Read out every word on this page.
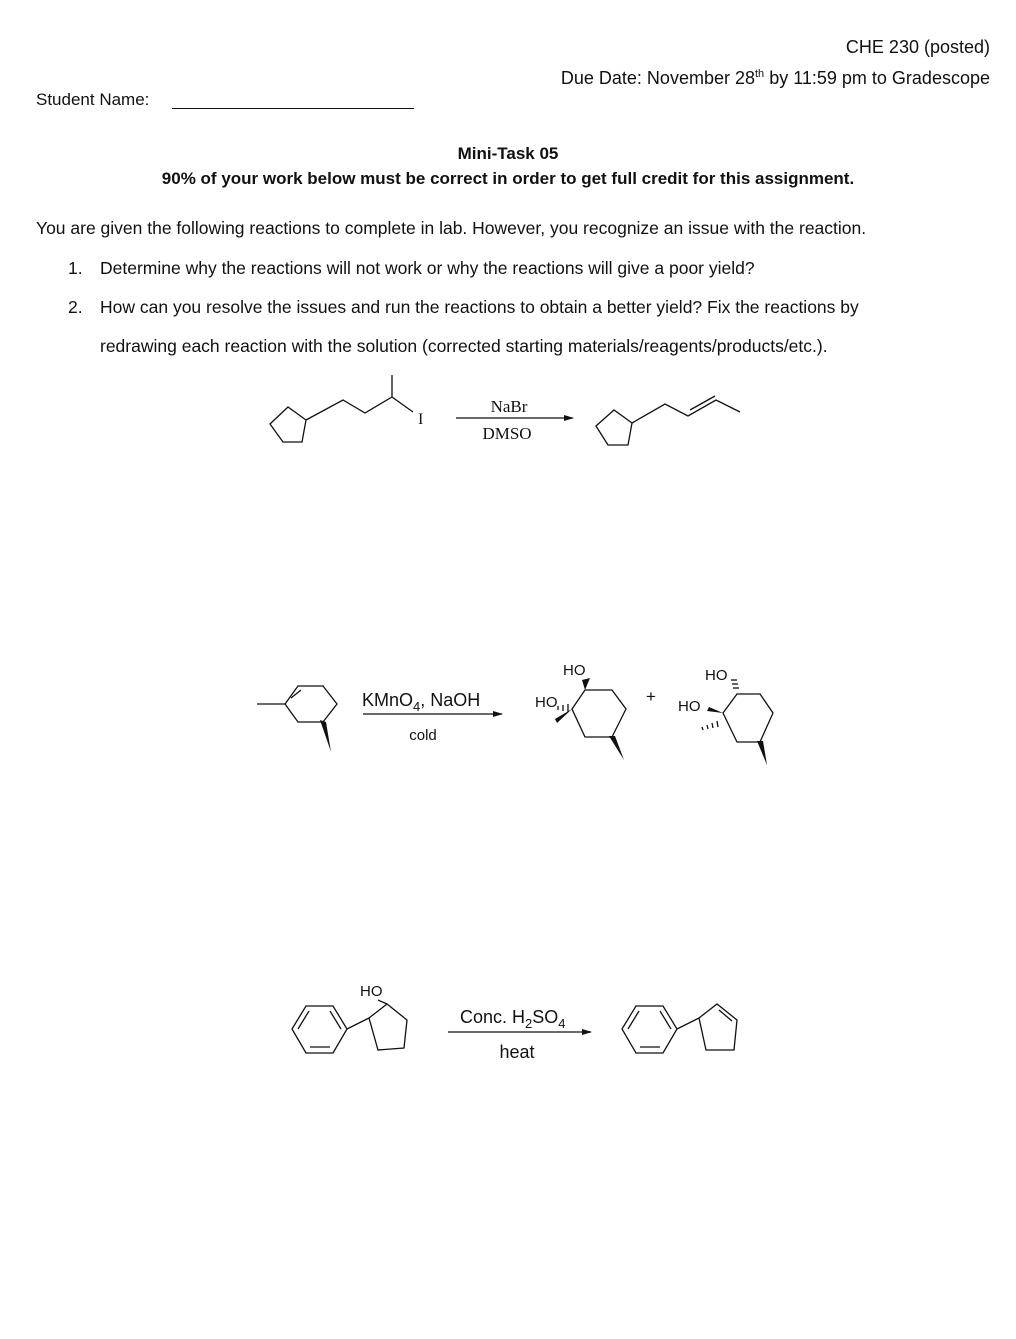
CHE 230 (posted)
Due Date: November 28th by 11:59 pm to Gradescope
Student Name:
Mini-Task 05
90% of your work below must be correct in order to get full credit for this assignment.
You are given the following reactions to complete in lab. However, you recognize an issue with the reaction.
1. Determine why the reactions will not work or why the reactions will give a poor yield?
2. How can you resolve the issues and run the reactions to obtain a better yield? Fix the reactions by
redrawing each reaction with the solution (corrected starting materials/reagents/products/etc.).
I
NaBr
DMSO
KMnO$_4$, NaOH
cold
HO
HO	+
HO
HO
HO
Conc. $H_2SO_4$
heat
